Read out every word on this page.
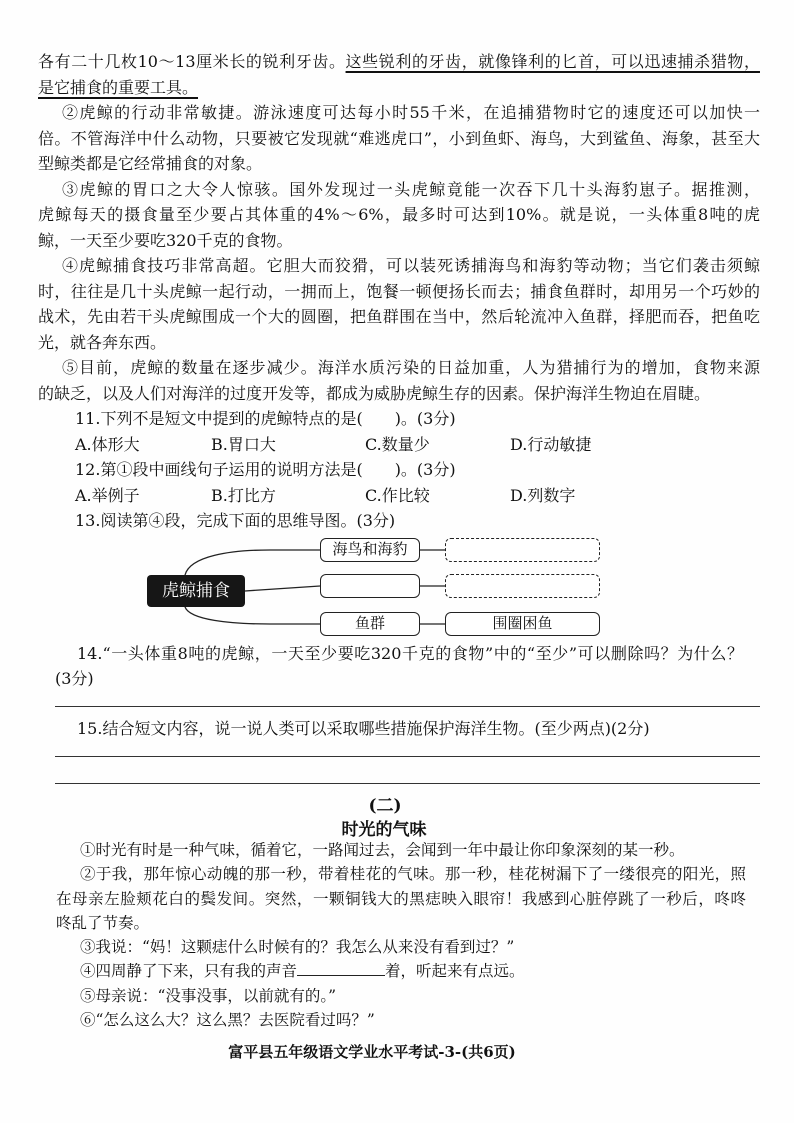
各有二十几枚10～13厘米长的锐利牙齿。这些锐利的牙齿，就像锋利的匕首，可以迅速捕杀猎物，
是它捕食的重要工具。
②虎鲸的行动非常敏捷。游泳速度可达每小时55千米，在追捕猎物时它的速度还可以加快一
倍。不管海洋中什么动物，只要被它发现就“难逃虎口”，小到鱼虾、海鸟，大到鲨鱼、海象，甚至大
型鲸类都是它经常捕食的对象。
③虎鲸的胃口之大令人惊骇。国外发现过一头虎鲸竟能一次吞下几十头海豹崽子。据推测，
虎鲸每天的摄食量至少要占其体重的4%～6%，最多时可达到10%。就是说，一头体重8吨的虎
鲸，一天至少要吃320千克的食物。
④虎鲸捕食技巧非常高超。它胆大而狡猾，可以装死诱捕海鸟和海豹等动物；当它们袭击须鲸
时，往往是几十头虎鲸一起行动，一拥而上，饱餐一顿便扬长而去；捕食鱼群时，却用另一个巧妙的
战术，先由若干头虎鲸围成一个大的圆圈，把鱼群围在当中，然后轮流冲入鱼群，择肥而吞，把鱼吃
光，就各奔东西。
⑤目前，虎鲸的数量在逐步减少。海洋水质污染的日益加重，人为猎捕行为的增加，食物来源
的缺乏，以及人们对海洋的过度开发等，都成为威胁虎鲸生存的因素。保护海洋生物迫在眉睫。
11.下列不是短文中提到的虎鲸特点的是(　　)。(3分)
A.体形大	B.胃口大	C.数量少	D.行动敏捷
12.第①段中画线句子运用的说明方法是(　　)。(3分)
A.举例子	B.打比方	C.作比较	D.列数字
13.阅读第④段，完成下面的思维导图。(3分)
虎鲸捕食
海鸟和海豹
鱼群	围圈困鱼
14.“一头体重8吨的虎鲸，一天至少要吃320千克的食物”中的“至少”可以删除吗？为什么？
(3分)
15.结合短文内容，说一说人类可以采取哪些措施保护海洋生物。(至少两点)(2分)
(二)
时光的气味
①时光有时是一种气味，循着它，一路闻过去，会闻到一年中最让你印象深刻的某一秒。
②于我，那年惊心动魄的那一秒，带着桂花的气味。那一秒，桂花树漏下了一缕很亮的阳光，照
在母亲左脸颊花白的鬓发间。突然，一颗铜钱大的黑痣映入眼帘！我感到心脏停跳了一秒后，咚咚
咚乱了节奏。
③我说：“妈！这颗痣什么时候有的？我怎么从来没有看到过？”
④四周静了下来，只有我的声音	着，听起来有点远。
⑤母亲说：“没事没事，以前就有的。”
⑥“怎么这么大？这么黑？去医院看过吗？”
富平县五年级语文学业水平考试-3-(共6页)
